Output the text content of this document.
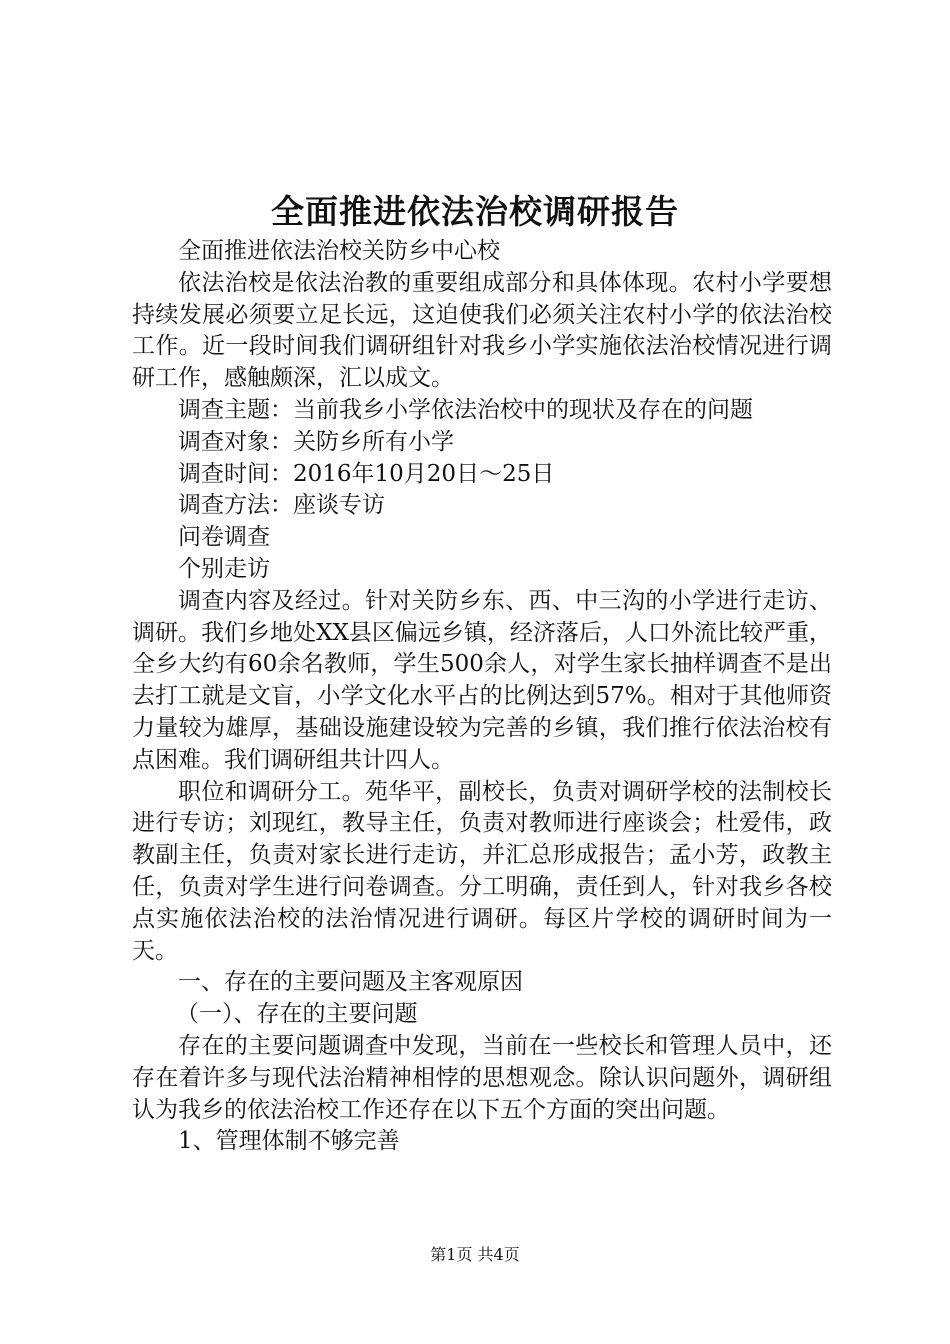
全面推进依法治校调研报告

全面推进依法治校关防乡中心校

依法治校是依法治教的重要组成部分和具体体现。农村小学要想持续发展必须要立足长远，这迫使我们必须关注农村小学的依法治校工作。近一段时间我们调研组针对我乡小学实施依法治校情况进行调研工作，感触颇深，汇以成文。

调查主题：当前我乡小学依法治校中的现状及存在的问题

调查对象：关防乡所有小学

调查时间：2016年10月20日～25日

调查方法：座谈专访

问卷调查

个别走访

调查内容及经过。针对关防乡东、西、中三沟的小学进行走访、调研。我们乡地处XX县区偏远乡镇，经济落后，人口外流比较严重，全乡大约有60余名教师，学生500余人，对学生家长抽样调查不是出去打工就是文盲，小学文化水平占的比例达到57%。相对于其他师资力量较为雄厚，基础设施建设较为完善的乡镇，我们推行依法治校有点困难。我们调研组共计四人。

职位和调研分工。苑华平，副校长，负责对调研学校的法制校长进行专访；刘现红，教导主任，负责对教师进行座谈会；杜爱伟，政教副主任，负责对家长进行走访，并汇总形成报告；孟小芳，政教主任，负责对学生进行问卷调查。分工明确，责任到人，针对我乡各校点实施依法治校的法治情况进行调研。每区片学校的调研时间为一天。

一、存在的主要问题及主客观原因

（一）、存在的主要问题

存在的主要问题调查中发现，当前在一些校长和管理人员中，还存在着许多与现代法治精神相悖的思想观念。除认识问题外，调研组认为我乡的依法治校工作还存在以下五个方面的突出问题。

1、管理体制不够完善

第1页 共4页
